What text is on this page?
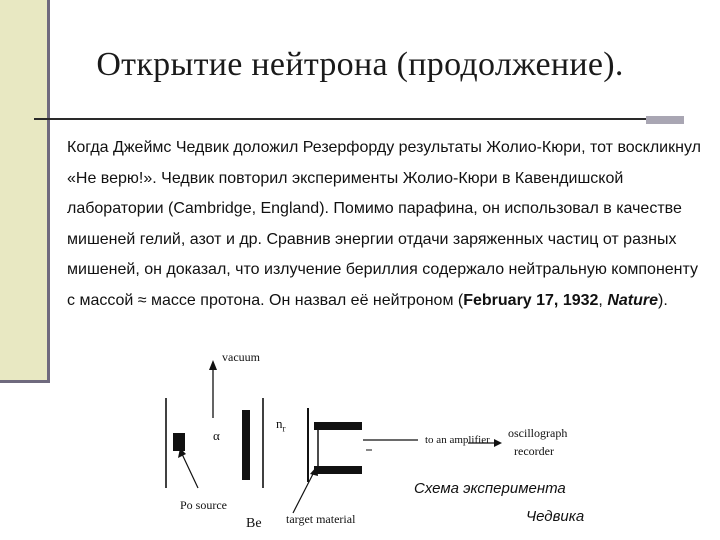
Открытие нейтрона (продолжение).
Когда Джеймс Чедвик доложил Резерфорду результаты Жолио-Кюри, тот воскликнул «Не верю!». Чедвик повторил эксперименты Жолио-Кюри в Кавендишской лаборатории (Cambridge, England). Помимо парафина, он использовал в качестве мишеней гелий, азот и др. Сравнив энергии отдачи заряженных частиц от разных мишеней, он доказал, что излучение бериллия содержало нейтральную компоненту с массой ≈ массе протона. Он назвал её нейтроном (February 17, 1932, Nature).
vacuum
α
$n_r$
to an amplifier oscillograph
recorder
Po source
Be target material
Схема эксперимента
Чедвика
